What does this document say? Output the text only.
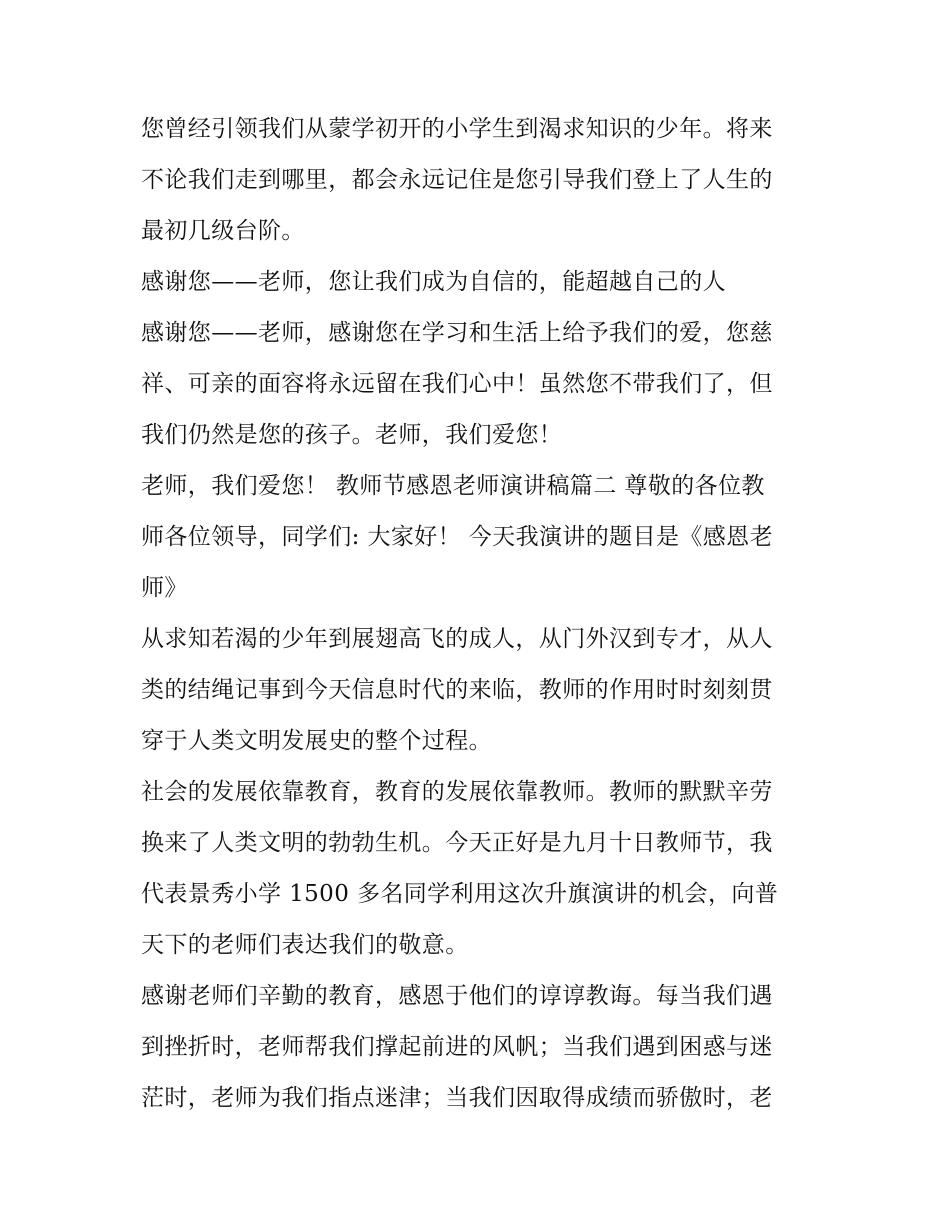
您曾经引领我们从蒙学初开的小学生到渴求知识的少年。将来
不论我们走到哪里，都会永远记住是您引导我们登上了人生的
最初几级台阶。
感谢您——老师，您让我们成为自信的，能超越自己的人
感谢您——老师，感谢您在学习和生活上给予我们的爱，您慈
祥、可亲的面容将永远留在我们心中！虽然您不带我们了，但
我们仍然是您的孩子。老师，我们爱您！
老师，我们爱您！ 教师节感恩老师演讲稿篇二 尊敬的各位教
师各位领导，同学们: 大家好！ 今天我演讲的题目是《感恩老
师》
从求知若渴的少年到展翅高飞的成人，从门外汉到专才，从人
类的结绳记事到今天信息时代的来临，教师的作用时时刻刻贯
穿于人类文明发展史的整个过程。
社会的发展依靠教育，教育的发展依靠教师。教师的默默辛劳
换来了人类文明的勃勃生机。今天正好是九月十日教师节，我
代表景秀小学 1500 多名同学利用这次升旗演讲的机会，向普
天下的老师们表达我们的敬意。
感谢老师们辛勤的教育，感恩于他们的谆谆教诲。每当我们遇
到挫折时，老师帮我们撑起前进的风帆；当我们遇到困惑与迷
茫时，老师为我们指点迷津；当我们因取得成绩而骄傲时，老
